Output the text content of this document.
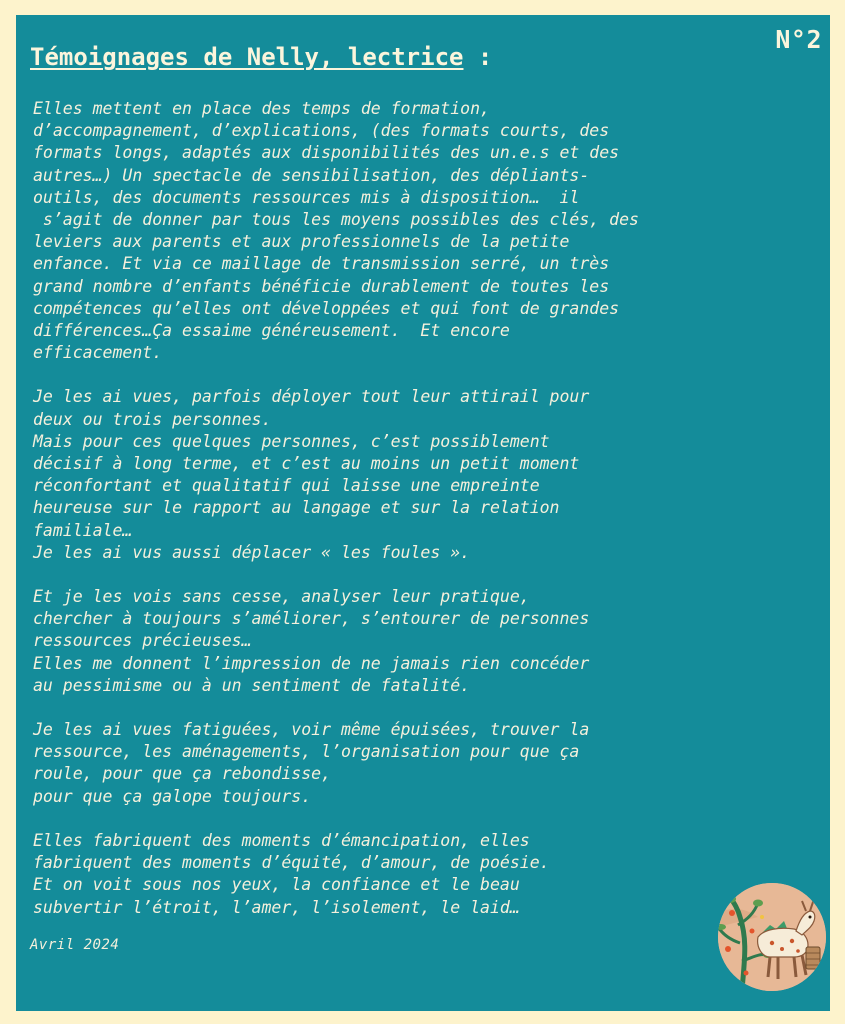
N°2
Témoignages de Nelly, lectrice :

Elles mettent en place des temps de formation,
d’accompagnement, d’explications, (des formats courts, des
formats longs, adaptés aux disponibilités des un.e.s et des
autres…) Un spectacle de sensibilisation, des dépliants-
outils, des documents ressources mis à disposition…  il
s’agit de donner par tous les moyens possibles des clés, des
leviers aux parents et aux professionnels de la petite
enfance. Et via ce maillage de transmission serré, un très
grand nombre d’enfants bénéficie durablement de toutes les
compétences qu’elles ont développées et qui font de grandes
différences…Ça essaime généreusement.  Et encore
efficacement.

Je les ai vues, parfois déployer tout leur attirail pour
deux ou trois personnes.
Mais pour ces quelques personnes, c’est possiblement
décisif à long terme, et c’est au moins un petit moment
réconfortant et qualitatif qui laisse une empreinte
heureuse sur le rapport au langage et sur la relation
familiale…
Je les ai vus aussi déplacer « les foules ».

Et je les vois sans cesse, analyser leur pratique,
chercher à toujours s’améliorer, s’entourer de personnes
ressources précieuses…
Elles me donnent l’impression de ne jamais rien concéder
au pessimisme ou à un sentiment de fatalité.

Je les ai vues fatiguées, voir même épuisées, trouver la
ressource, les aménagements, l’organisation pour que ça
roule, pour que ça rebondisse,
pour que ça galope toujours.

Elles fabriquent des moments d’émancipation, elles
fabriquent des moments d’équité, d’amour, de poésie.
Et on voit sous nos yeux, la confiance et le beau
subvertir l’étroit, l’amer, l’isolement, le laid…

Avril 2024
